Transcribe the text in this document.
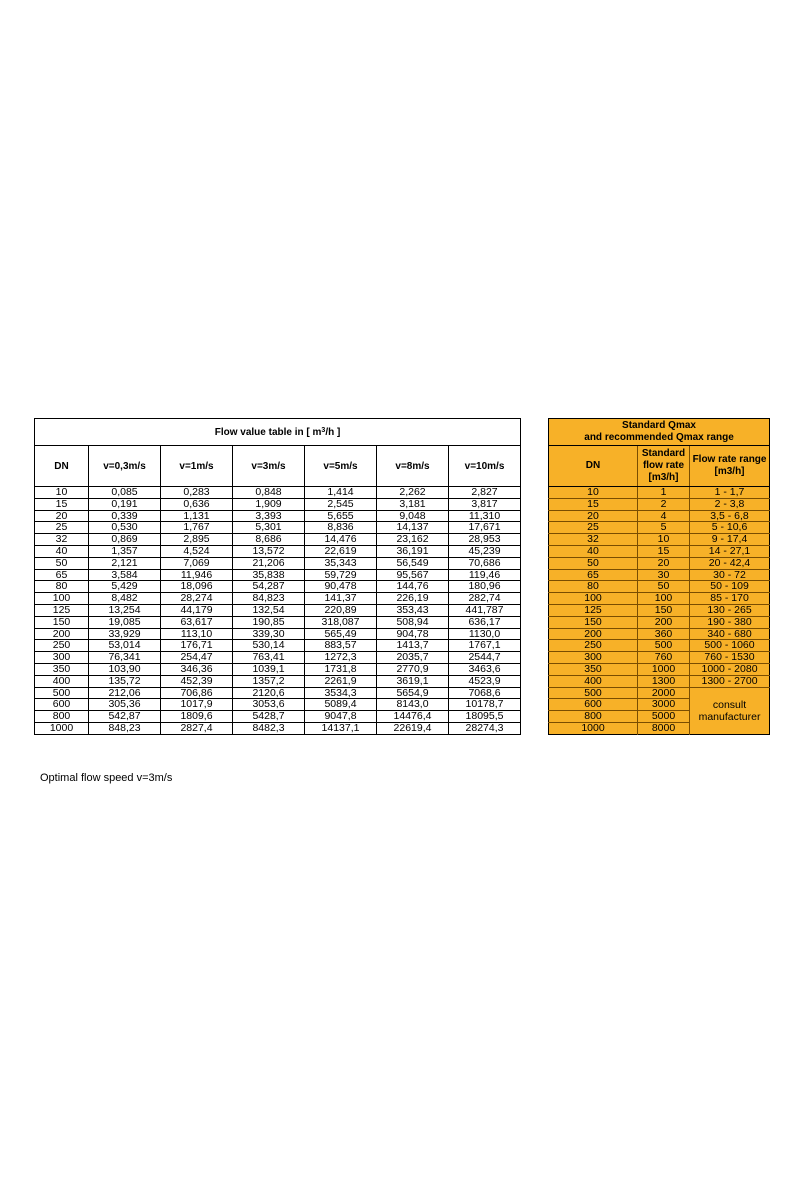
Flow value table in [ $m^3/h$ ]						
DN	v=0,3m/s	v=1m/s	v=3m/s	v=5m/s	v=8m/s	v=10m/s
10	0,085	0,283	0,848	1,414	2,262	2,827
15	0,191	0,636	1,909	2,545	3,181	3,817
20	0,339	1,131	3,393	5,655	9,048	11,310
25	0,530	1,767	5,301	8,836	14,137	17,671
32	0,869	2,895	8,686	14,476	23,162	28,953
40	1,357	4,524	13,572	22,619	36,191	45,239
50	2,121	7,069	21,206	35,343	56,549	70,686
65	3,584	11,946	35,838	59,729	95,567	119,46
80	5,429	18,096	54,287	90,478	144,76	180,96
100	8,482	28,274	84,823	141,37	226,19	282,74
125	13,254	44,179	132,54	220,89	353,43	441,787
150	19,085	63,617	190,85	318,087	508,94	636,17
200	33,929	113,10	339,30	565,49	904,78	1130,0
250	53,014	176,71	530,14	883,57	1413,7	1767,1
300	76,341	254,47	763,41	1272,3	2035,7	2544,7
350	103,90	346,36	1039,1	1731,8	2770,9	3463,6
400	135,72	452,39	1357,2	2261,9	3619,1	4523,9
500	212,06	706,86	2120,6	3534,3	5654,9	7068,6
600	305,36	1017,9	3053,6	5089,4	8143,0	10178,7
800	542,87	1809,6	5428,7	9047,8	14476,4	18095,5
1000	848,23	2827,4	8482,3	14137,1	22619,4	28274,3
Optimal flow speed v=3m/s
Standard Qmax
and recommended Qmax range		
DN	Standard flow rate [m3/h]	Flow rate range [m3/h]
10	1	1 - 1,7
15	2	2 - 3,8
20	4	3,5 - 6,8
25	5	5 - 10,6
32	10	9 - 17,4
40	15	14 - 27,1
50	20	20 - 42,4
65	30	30 - 72
80	50	50 - 109
100	100	85 - 170
125	150	130 - 265
150	200	190 - 380
200	360	340 - 680
250	500	500 - 1060
300	760	760 - 1530
350	1000	1000 - 2080
400	1300	1300 - 2700
500	2000	consult manufacturer
600	3000	
800	5000	
1000	8000	
